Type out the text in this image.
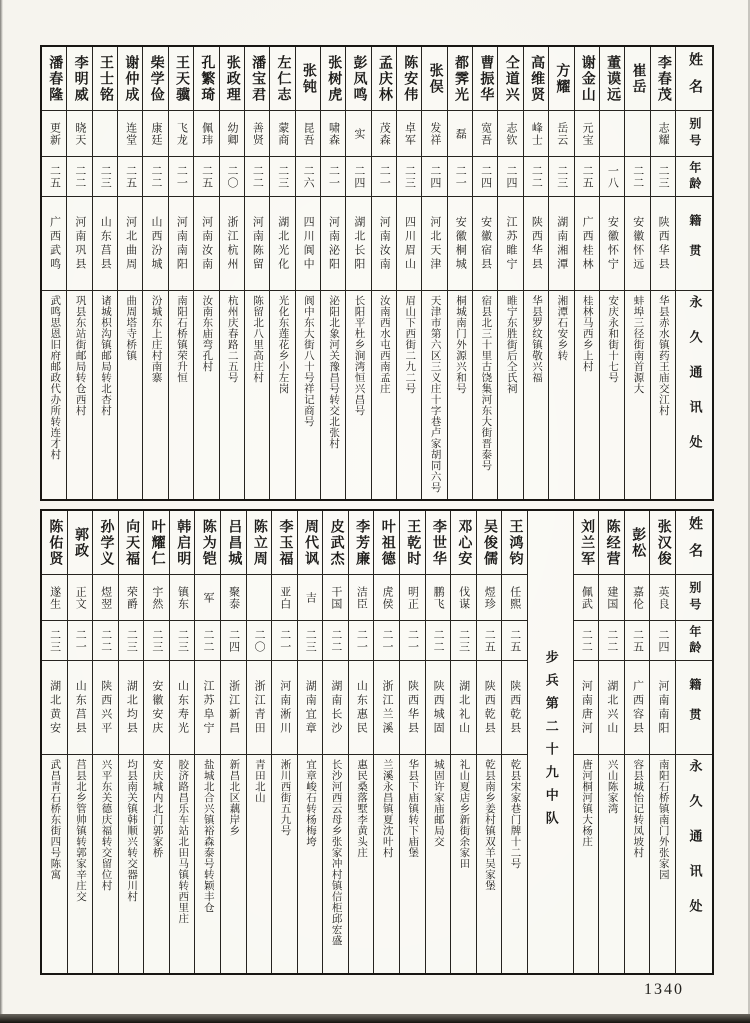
姓名
别号
年龄
籍贯
永久通讯处
李春茂
志耀
二三
陕西华县
华县赤水镇药王庙交江村
崔岳
二二
安徽怀远
蚌埠三径街南首源大
董谟远
一八
安徽怀宁
安庆永和街十七号
谢金山
元宝
二五
广西桂林
桂林马西乡上村
方耀
岳云
二三
湖南湘潭
湘潭石安乡转
高维贤
峰士
二二
陕西华县
华县罗纹镇敬兴福
仝道兴
志钦
二四
江苏睢宁
睢宁东胜街后仝氏祠
曹振华
宽吾
二四
安徽宿县
宿县北三十里古饶集河东大街晋泰号
都霁光
磊
二一
安徽桐城
桐城南门外源兴和号
张俣
发祥
二四
河北天津
天津市第六区三义庄十字巷卢家胡同六号
陈安伟
卓军
二三
四川眉山
眉山下西街二九二号
孟庆林
茂森
二一
河南汝南
汝南西水屯西南孟庄
彭凤鸣
实
二四
湖北长阳
长阳平杜乡涧湾恒兴昌号
张树虎
啸森
二一
河南泌阳
泌阳北象河关豫昌号转交北张村
张钝
昆吾
二六
四川阆中
阆中东大街八十号祥记商号
左仁志
蒙商
二三
湖北光化
光化东莲花乡小左岗
潘宝君
善贤
二二
河南陈留
陈留北八里高庄村
张政理
幼卿
二〇
浙江杭州
杭州庆春路二五号
孔繁琦
佩玮
二五
河南汝南
汝南东庙弯孔村
王天骥
飞龙
二一
河南南阳
南阳石桥镇荣升恒
柴学俭
康廷
二二
山西汾城
汾城东上庄村南寨
谢仲成
连堂
二五
河北曲周
曲周塔寺桥镇
王士铭
二三
山东莒县
诸城枳沟镇邮局转北杏村
李明威
晓天
二二
河南巩县
巩县东站街邮局转仓西村
潘春隆
更新
二五
广西武鸣
武鸣思恩旧府邮政代办所转连才村
姓名
别号
年龄
籍贯
永久通讯处
张汉俊
英良
二四
河南南阳
南阳石桥镇南门外张家园
彭松
嘉伦
二五
广西容县
容县城怡记转凤坡村
陈经营
建国
二二
湖北兴山
兴山陈家湾
刘兰军
佩武
二二
河南唐河
唐河桐河镇大杨庄
步兵第二十九中队
王鸿钧
任熙
二五
陕西乾县
乾县宋家巷门牌十二号
吴俊儒
煜珍
二五
陕西乾县
乾县南乡姜村镇双羊吴家堡
邓心安
伐谋
二三
湖北礼山
礼山夏店乡新街余家田
李世华
鹏飞
二二
陕西城固
城固许家庙邮局交
王乾时
明正
二一
陕西华县
华县下庙镇转下庙堡
叶祖德
虎侯
二一
浙江兰溪
兰溪永昌镇夏沈叶村
李芳廉
洁臣
二一
山东惠民
惠民桑落墅李黄头庄
皮武杰
干国
二二
湖南长沙
长沙河西云母乡张家冲村镇信柜邱宏盛
周代讽
吉
二三
湖南宜章
宜章峻石转杨梅垮
李玉福
亚白
二一
河南淅川
淅川西街五九号
陈立周
二〇
浙江青田
青田北山
吕昌城
聚泰
二四
浙江新昌
新昌北区藕岸乡
陈为铠
军
二二
江苏阜宁
盐城北合兴镇裕森泰号转颖丰仓
韩启明
镇东
二三
山东寿光
胶济路昌乐车站北田马镇转西里庄
叶耀仁
宇然
二三
安徽安庆
安庆城内北门郭家桥
向天福
荣爵
二三
湖北均县
均县南关镇韩顺兴转交器川村
孙学义
煜翌
二二
陕西兴平
兴平东关德庆福转交留位村
郭政
正文
二一
山东莒县
莒县北乡管帅镇转郭家辛庄交
陈佑贤
遂生
二三
湖北黄安
武昌青石桥东街四号陈寓
1340
